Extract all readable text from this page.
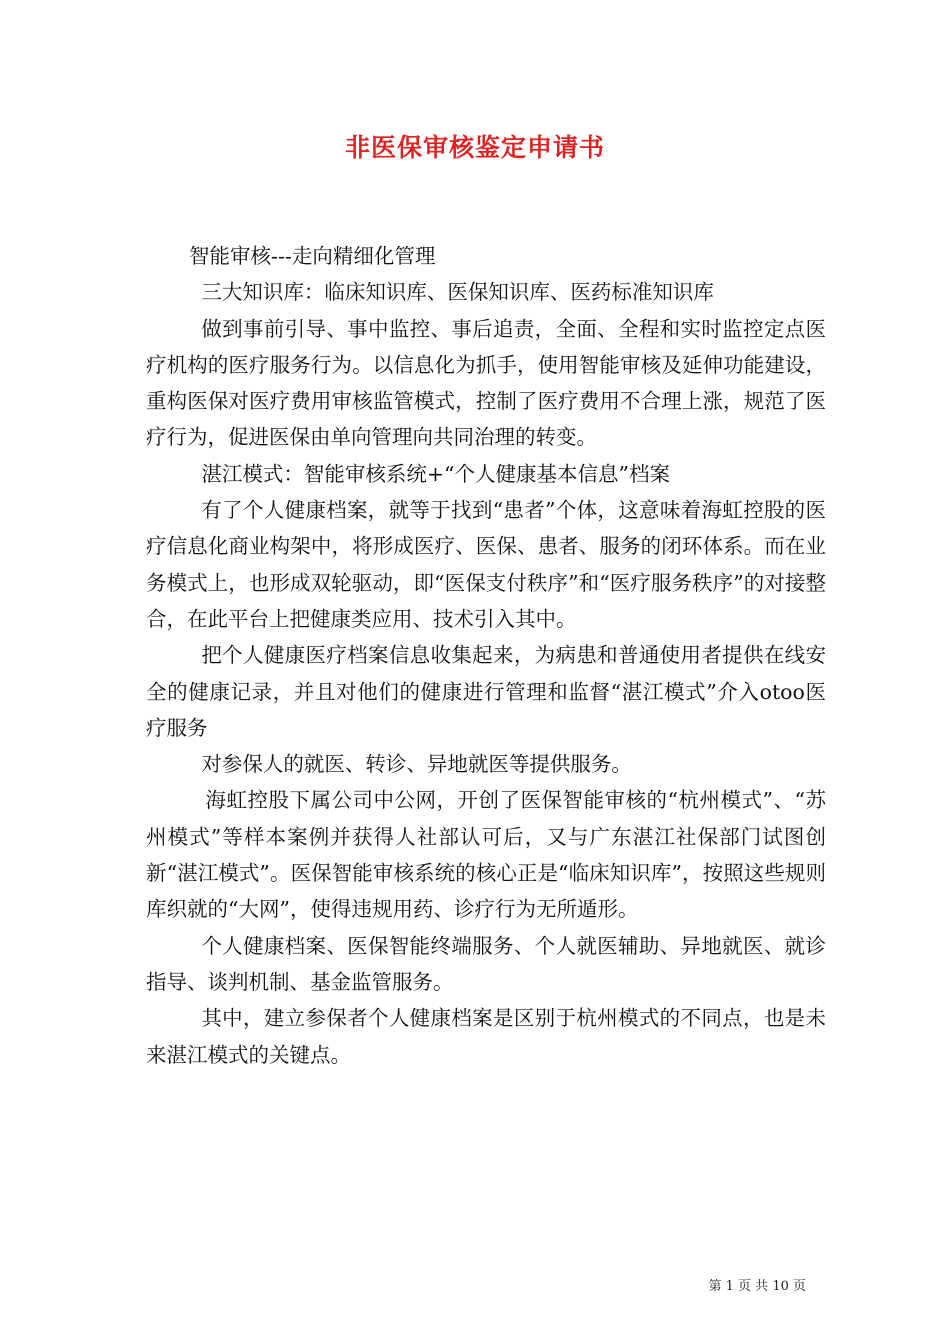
非医保审核鉴定申请书

智能审核---走向精细化管理

三大知识库：临床知识库、医保知识库、医药标准知识库

做到事前引导、事中监控、事后追责，全面、全程和实时监控定点医疗机构的医疗服务行为。以信息化为抓手，使用智能审核及延伸功能建设，重构医保对医疗费用审核监管模式，控制了医疗费用不合理上涨，规范了医疗行为，促进医保由单向管理向共同治理的转变。

湛江模式：智能审核系统+“个人健康基本信息”档案

有了个人健康档案，就等于找到“患者”个体，这意味着海虹控股的医疗信息化商业构架中，将形成医疗、医保、患者、服务的闭环体系。而在业务模式上，也形成双轮驱动，即“医保支付秩序”和“医疗服务秩序”的对接整合，在此平台上把健康类应用、技术引入其中。

把个人健康医疗档案信息收集起来，为病患和普通使用者提供在线安全的健康记录，并且对他们的健康进行管理和监督“湛江模式”介入otoo医疗服务

对参保人的就医、转诊、异地就医等提供服务。

海虹控股下属公司中公网，开创了医保智能审核的“杭州模式”、“苏州模式”等样本案例并获得人社部认可后，又与广东湛江社保部门试图创新“湛江模式”。医保智能审核系统的核心正是“临床知识库”，按照这些规则库织就的“大网”，使得违规用药、诊疗行为无所遁形。

个人健康档案、医保智能终端服务、个人就医辅助、异地就医、就诊指导、谈判机制、基金监管服务。

其中，建立参保者个人健康档案是区别于杭州模式的不同点，也是未来湛江模式的关键点。

第 1 页 共 10 页
